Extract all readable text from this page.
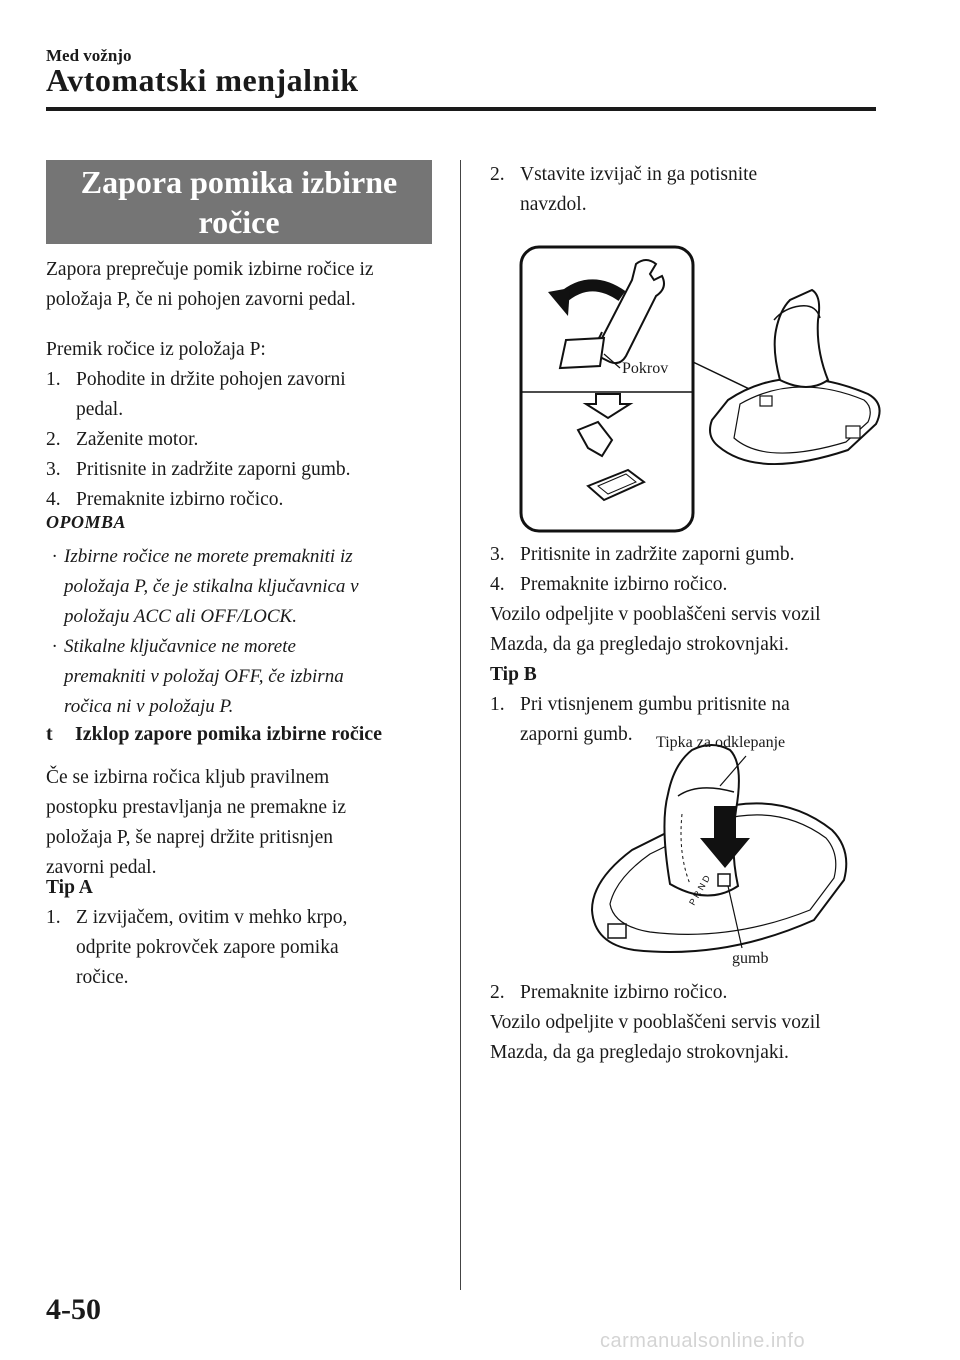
Med vožnjo
Avtomatski menjalnik
Zapora pomika izbirne
ročice
Zapora preprečuje pomik izbirne ročice iz
položaja P, če ni pohojen zavorni pedal.
Premik ročice iz položaja P:
1. Pohodite in držite pohojen zavorni
pedal.
2. Zaženite motor.
3. Pritisnite in zadržite zaporni gumb.
4. Premaknite izbirno ročico.
OPOMBA
· Izbirne ročice ne morete premakniti iz
položaja P, če je stikalna ključavnica v
položaju ACC ali OFF/LOCK.
· Stikalne ključavnice ne morete
premakniti v položaj OFF, če izbirna
ročica ni v položaju P.
t Izklop zapore pomika izbirne ročice
Če se izbirna ročica kljub pravilnem
postopku prestavljanja ne premakne iz
položaja P, še naprej držite pritisnjen
zavorni pedal.
Tip A
1. Z izvijačem, ovitim v mehko krpo,
odprite pokrovček zapore pomika
ročice.
2. Vstavite izvijač in ga potisnite
navzdol.
Pokrov
3. Pritisnite in zadržite zaporni gumb.
4. Premaknite izbirno ročico.
Vozilo odpeljite v pooblaščeni servis vozil
Mazda, da ga pregledajo strokovnjaki.
Tip B
1. Pri vtisnjenem gumbu pritisnite na
zaporni gumb.
P R N D
Tipka za odklepanje
gumb
2. Premaknite izbirno ročico.
Vozilo odpeljite v pooblaščeni servis vozil
Mazda, da ga pregledajo strokovnjaki.
4-50
carmanualsonline.info
